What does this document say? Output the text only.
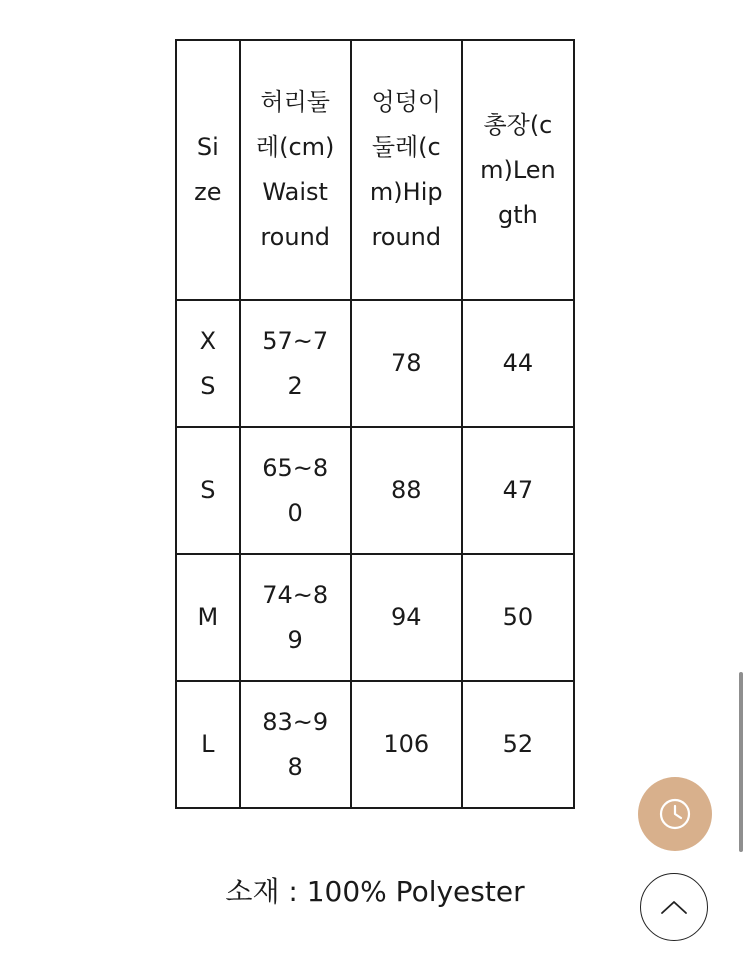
Size	허리둘레(cm)Waist round	엉덩이둘레(cm)Hip round	총장(cm)Length

XS	57~72	78	44

S	65~80	88	47

M	74~89	94	50

L	83~98	106	52
소재 : 100% Polyester
